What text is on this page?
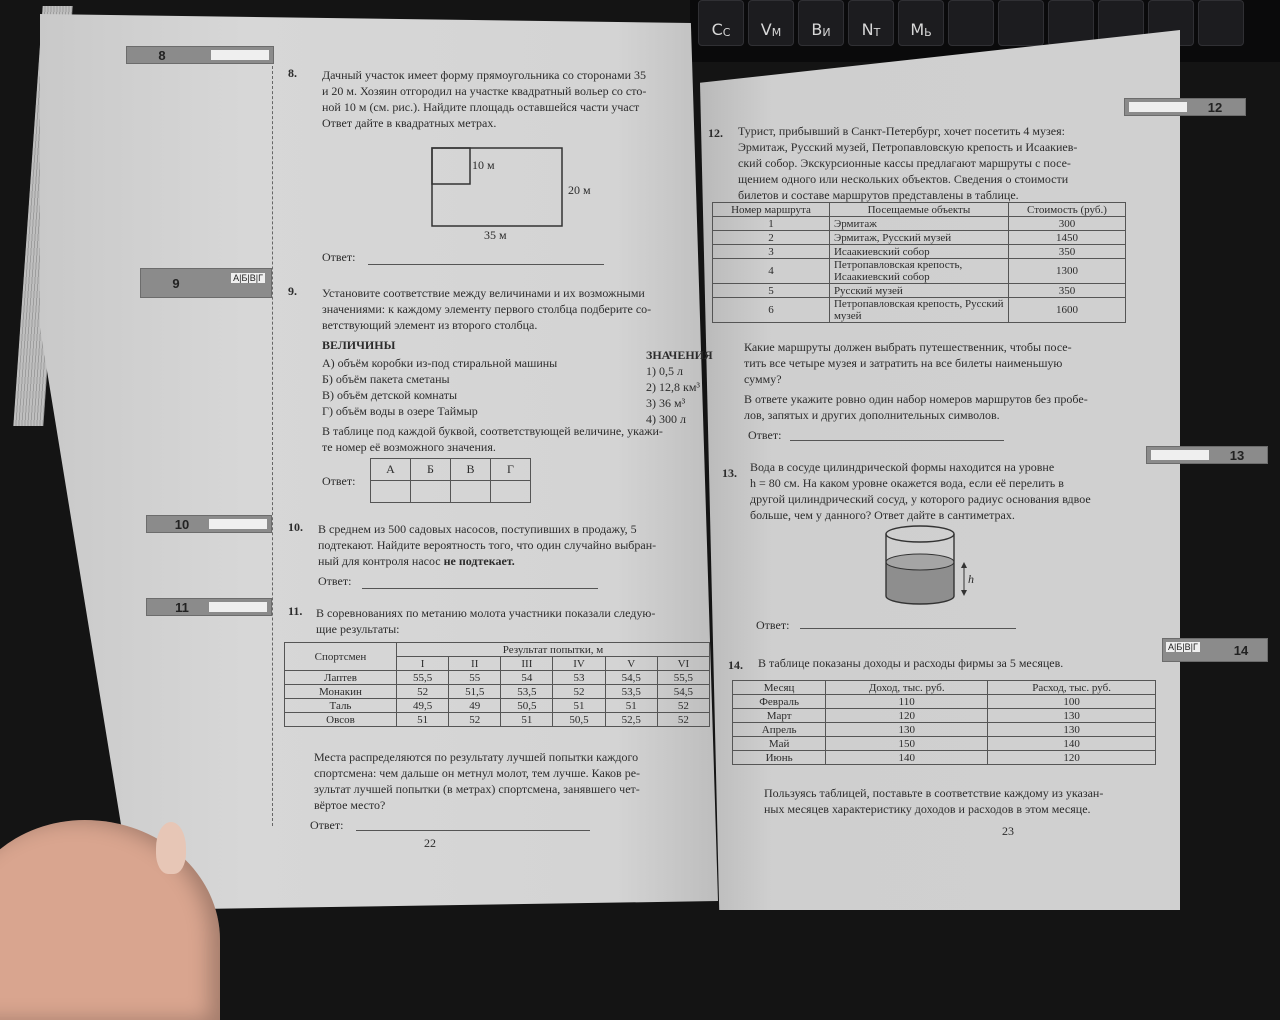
C С V М B И N Т M Ь
8
9	А|Б|В|Г
10
11
8. Дачный участок имеет форму прямоугольника со сторонами 35
и 20 м. Хозяин отгородил на участке квадратный вольер со сто-
ной 10 м (см. рис.). Найдите площадь оставшейся части участ
Ответ дайте в квадратных метрах.
10 м
20 м
35 м
Ответ:
9. Установите соответствие между величинами и их возможными
значениями: к каждому элементу первого столбца подберите со-
ветствующий элемент из второго столбца.
ВЕЛИЧИНЫ
А) объём коробки из-под стиральной машины
Б) объём пакета сметаны
В) объём детской комнаты
Г) объём воды в озере Таймыр
ЗНАЧЕНИЯ
1) 0,5 л
2) 12,8 км³
3) 36 м³
4) 300 л
В таблице под каждой буквой, соответствующей величине, укажи-
те номер её возможного значения.
Ответ:
А	Б	В	Г

10. В среднем из 500 садовых насосов, поступивших в продажу, 5
подтекают. Найдите вероятность того, что один случайно выбран-
ный для контроля насос не подтекает.
Ответ:
11. В соревнованиях по метанию молота участники показали следую-
щие результаты:
Спортсмен	Результат попытки, м					
	I	II	III	IV	V	VI
Лаптев	55,5	55	54	53	54,5	55,5
Монакин	52	51,5	53,5	52	53,5	54,5
Таль	49,5	49	50,5	51	51	52
Овсов	51	52	51	50,5	52,5	52
Места распределяются по результату лучшей попытки каждого
спортсмена: чем дальше он метнул молот, тем лучше. Каков ре-
зультат лучшей попытки (в метрах) спортсмена, занявшего чет-
вёртое место?
Ответ:
22
12
13
А|Б|В|Г	14
12. Турист, прибывший в Санкт-Петербург, хочет посетить 4 музея:
Эрмитаж, Русский музей, Петропавловскую крепость и Исаакиев-
ский собор. Экскурсионные кассы предлагают маршруты с посе-
щением одного или нескольких объектов. Сведения о стоимости
билетов и составе маршрутов представлены в таблице.
Номер маршрута	Посещаемые объекты	Стоимость (руб.)
1	Эрмитаж	300
2	Эрмитаж, Русский музей	1450
3	Исаакиевский собор	350
4	Петропавловская крепость, Исаакиевский собор	1300
5	Русский музей	350
6	Петропавловская крепость, Русский музей	1600
Какие маршруты должен выбрать путешественник, чтобы посе-
тить все четыре музея и затратить на все билеты наименьшую
сумму?
В ответе укажите ровно один набор номеров маршрутов без пробе-
лов, запятых и других дополнительных символов.
Ответ:
13. Вода в сосуде цилиндрической формы находится на уровне
h = 80 см. На каком уровне окажется вода, если её перелить в
другой цилиндрический сосуд, у которого радиус основания вдвое
больше, чем у данного? Ответ дайте в сантиметрах.
h
Ответ:
14. В таблице показаны доходы и расходы фирмы за 5 месяцев.
Месяц	Доход, тыс. руб.	Расход, тыс. руб.
Февраль	110	100
Март	120	130
Апрель	130	130
Май	150	140
Июнь	140	120
Пользуясь таблицей, поставьте в соответствие каждому из указан-
ных месяцев характеристику доходов и расходов в этом месяце.
23
